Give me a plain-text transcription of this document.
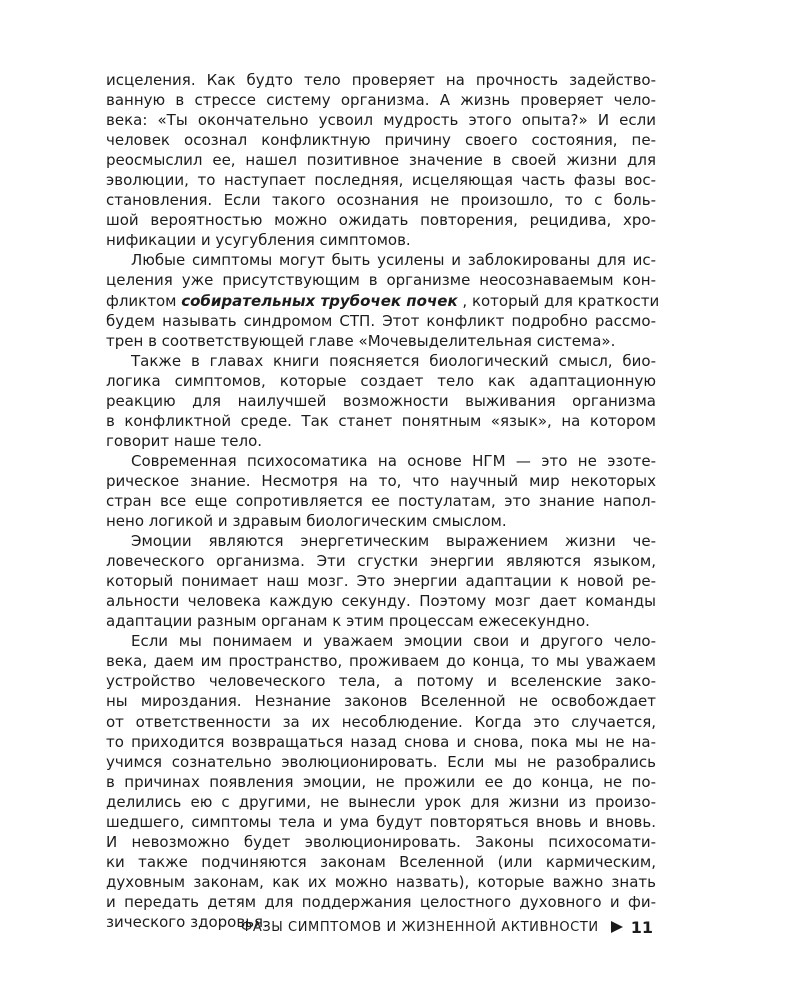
исцеления. Как будто тело проверяет на прочность задейство-
ванную в стрессе систему организма. А жизнь проверяет чело-
века: «Ты окончательно усвоил мудрость этого опыта?» И если
человек осознал конфликтную причину своего состояния, пе-
реосмыслил ее, нашел позитивное значение в своей жизни для
эволюции, то наступает последняя, исцеляющая часть фазы вос-
становления. Если такого осознания не произошло, то с боль-
шой вероятностью можно ожидать повторения, рецидива, хро-
нификации и усугубления симптомов.
Любые симптомы могут быть усилены и заблокированы для ис-
целения уже присутствующим в организме неосознаваемым кон-
фликтом собирательных трубочек почек , который для краткости
будем называть синдромом СТП. Этот конфликт подробно рассмо-
трен в соответствующей главе «Мочевыделительная система».
Также в главах книги поясняется биологический смысл, био-
логика симптомов, которые создает тело как адаптационную
реакцию для наилучшей возможности выживания организма
в конфликтной среде. Так станет понятным «язык», на котором
говорит наше тело.
Современная психосоматика на основе НГМ — это не эзоте-
рическое знание. Несмотря на то, что научный мир некоторых
стран все еще сопротивляется ее постулатам, это знание напол-
нено логикой и здравым биологическим смыслом.
Эмоции являются энергетическим выражением жизни че-
ловеческого организма. Эти сгустки энергии являются языком,
который понимает наш мозг. Это энергии адаптации к новой ре-
альности человека каждую секунду. Поэтому мозг дает команды
адаптации разным органам к этим процессам ежесекундно.
Если мы понимаем и уважаем эмоции свои и другого чело-
века, даем им пространство, проживаем до конца, то мы уважаем
устройство человеческого тела, а потому и вселенские зако-
ны мироздания. Незнание законов Вселенной не освобождает
от ответственности за их несоблюдение. Когда это случается,
то приходится возвращаться назад снова и снова, пока мы не на-
учимся сознательно эволюционировать. Если мы не разобрались
в причинах появления эмоции, не прожили ее до конца, не по-
делились ею с другими, не вынесли урок для жизни из произо-
шедшего, симптомы тела и ума будут повторяться вновь и вновь.
И невозможно будет эволюционировать. Законы психосомати-
ки также подчиняются законам Вселенной (или кармическим,
духовным законам, как их можно назвать), которые важно знать
и передать детям для поддержания целостного духовного и фи-
зического здоровья.
ФАЗЫ СИМПТОМОВ И ЖИЗНЕННОЙ АКТИВНОСТИ 11
